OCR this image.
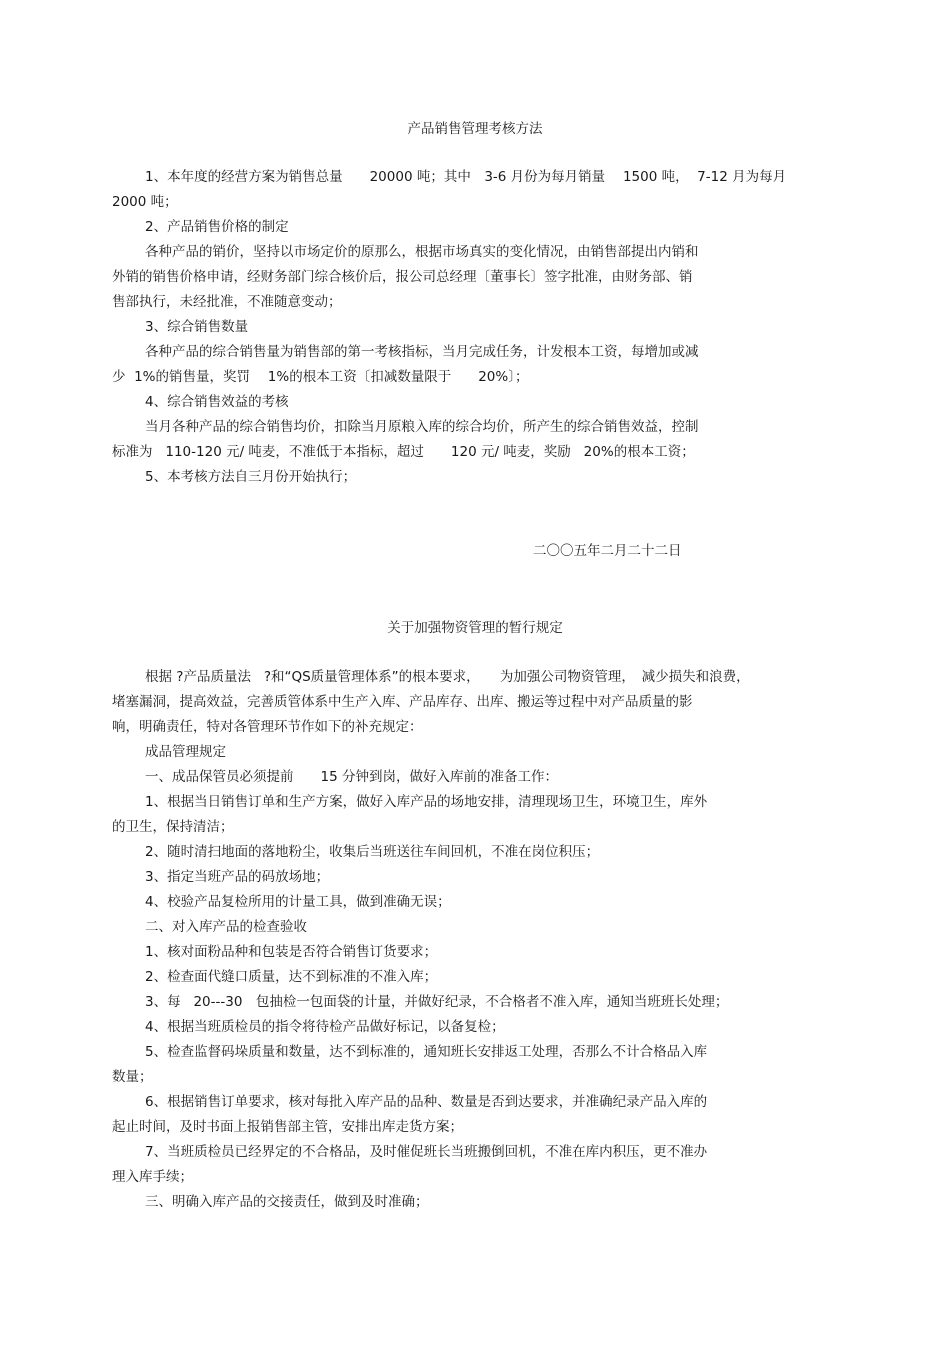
产品销售管理考核方法
1、本年度的经营方案为销售总量　　20000 吨；其中　3-6 月份为每月销量　 1500 吨，  7-12 月为每月
2000 吨；
2、产品销售价格的制定
各种产品的销价，坚持以市场定价的原那么，根据市场真实的变化情况，由销售部提出内销和
外销的销售价格申请，经财务部门综合核价后，报公司总经理〔董事长〕签字批准，由财务部、销
售部执行，未经批准，不准随意变动；
3、综合销售数量
各种产品的综合销售量为销售部的第一考核指标，当月完成任务，计发根本工资，每增加或减
少  1%的销售量，奖罚　 1%的根本工资〔扣减数量限于　　20%〕；
4、综合销售效益的考核
当月各种产品的综合销售均价，扣除当月原粮入库的综合均价，所产生的综合销售效益，控制
标准为   110-120 元/ 吨麦，不准低于本指标，超过　　120 元/ 吨麦，奖励   20%的根本工资；
5、本考核方法自三月份开始执行；
二〇〇五年二月二十二日
关于加强物资管理的暂行规定
根据 ?产品质量法   ?和“QS质量管理体系”的根本要求，　　为加强公司物资管理，　减少损失和浪费，
堵塞漏洞，提高效益，完善质管体系中生产入库、产品库存、出库、搬运等过程中对产品质量的影
响，明确责任，特对各管理环节作如下的补充规定：
成品管理规定
一、成品保管员必须提前　　15 分钟到岗，做好入库前的准备工作：
1、根据当日销售订单和生产方案，做好入库产品的场地安排，清理现场卫生，环境卫生，库外
的卫生，保持清洁；
2、随时清扫地面的落地粉尘，收集后当班送往车间回机，不准在岗位积压；
3、指定当班产品的码放场地；
4、校验产品复检所用的计量工具，做到准确无误；
二、对入库产品的检查验收
1、核对面粉品种和包装是否符合销售订货要求；
2、检查面代缝口质量，达不到标准的不准入库；
3、每   20---30　包抽检一包面袋的计量，并做好纪录，不合格者不准入库，通知当班班长处理；
4、根据当班质检员的指令将待检产品做好标记，以备复检；
5、检查监督码垛质量和数量，达不到标准的，通知班长安排返工处理，否那么不计合格品入库
数量；
6、根据销售订单要求，核对每批入库产品的品种、数量是否到达要求，并准确纪录产品入库的
起止时间，及时书面上报销售部主管，安排出库走货方案；
7、当班质检员已经界定的不合格品，及时催促班长当班搬倒回机，不准在库内积压，更不准办
理入库手续；
三、明确入库产品的交接责任，做到及时准确；
